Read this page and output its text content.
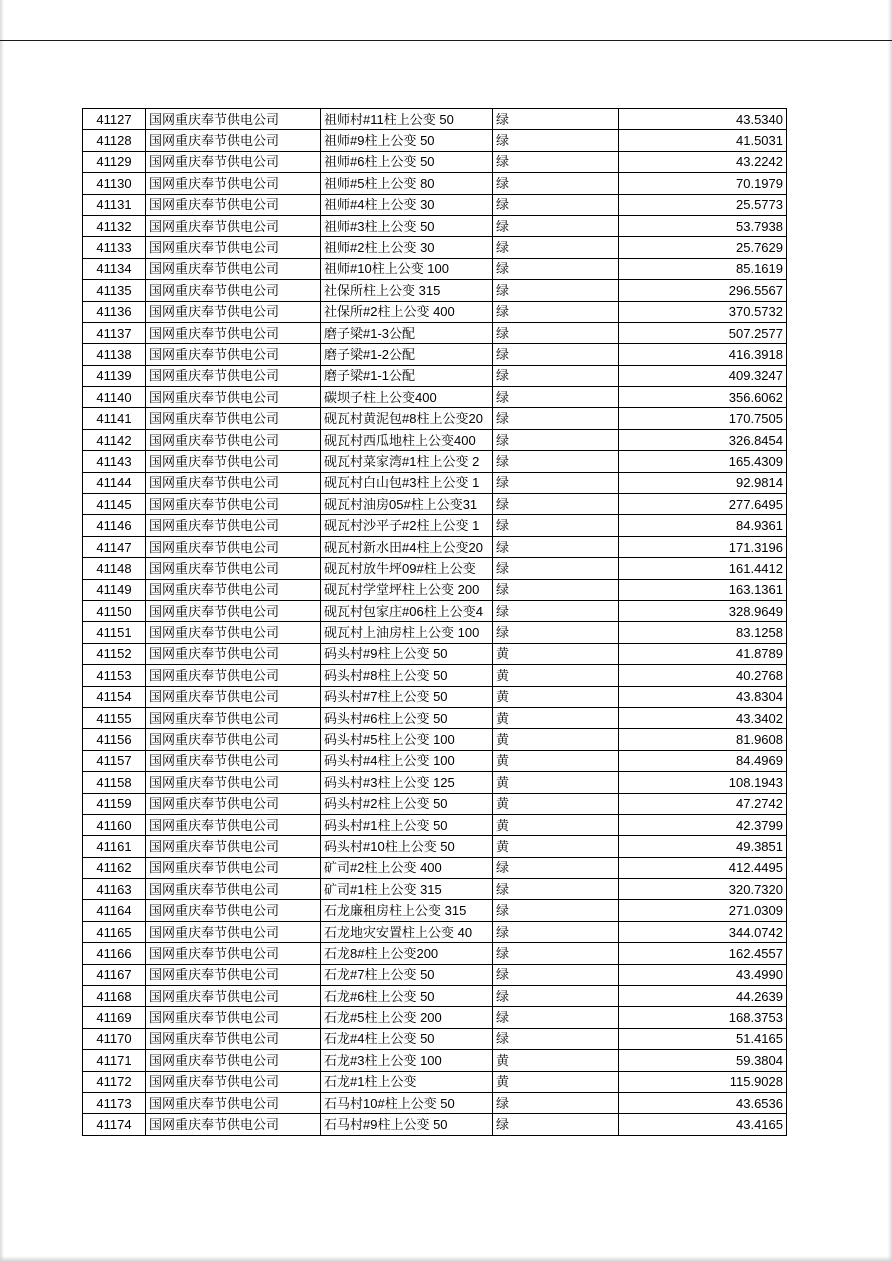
41127	国网重庆奉节供电公司	祖师村#11柱上公变 50	绿	43.5340
41128	国网重庆奉节供电公司	祖师#9柱上公变 50	绿	41.5031
41129	国网重庆奉节供电公司	祖师#6柱上公变 50	绿	43.2242
41130	国网重庆奉节供电公司	祖师#5柱上公变 80	绿	70.1979
41131	国网重庆奉节供电公司	祖师#4柱上公变 30	绿	25.5773
41132	国网重庆奉节供电公司	祖师#3柱上公变 50	绿	53.7938
41133	国网重庆奉节供电公司	祖师#2柱上公变 30	绿	25.7629
41134	国网重庆奉节供电公司	祖师#10柱上公变 100	绿	85.1619
41135	国网重庆奉节供电公司	社保所柱上公变 315	绿	296.5567
41136	国网重庆奉节供电公司	社保所#2柱上公变 400	绿	370.5732
41137	国网重庆奉节供电公司	磨子梁#1-3公配	绿	507.2577
41138	国网重庆奉节供电公司	磨子梁#1-2公配	绿	416.3918
41139	国网重庆奉节供电公司	磨子梁#1-1公配	绿	409.3247
41140	国网重庆奉节供电公司	碳坝子柱上公变400	绿	356.6062
41141	国网重庆奉节供电公司	砚瓦村黄泥包#8柱上公变20	绿	170.7505
41142	国网重庆奉节供电公司	砚瓦村西瓜地柱上公变400	绿	326.8454
41143	国网重庆奉节供电公司	砚瓦村菜家湾#1柱上公变 2	绿	165.4309
41144	国网重庆奉节供电公司	砚瓦村白山包#3柱上公变 1	绿	92.9814
41145	国网重庆奉节供电公司	砚瓦村油房05#柱上公变31	绿	277.6495
41146	国网重庆奉节供电公司	砚瓦村沙平子#2柱上公变 1	绿	84.9361
41147	国网重庆奉节供电公司	砚瓦村新水田#4柱上公变20	绿	171.3196
41148	国网重庆奉节供电公司	砚瓦村放牛坪09#柱上公变	绿	161.4412
41149	国网重庆奉节供电公司	砚瓦村学堂坪柱上公变 200	绿	163.1361
41150	国网重庆奉节供电公司	砚瓦村包家庄#06柱上公变4	绿	328.9649
41151	国网重庆奉节供电公司	砚瓦村上油房柱上公变 100	绿	83.1258
41152	国网重庆奉节供电公司	码头村#9柱上公变 50	黄	41.8789
41153	国网重庆奉节供电公司	码头村#8柱上公变 50	黄	40.2768
41154	国网重庆奉节供电公司	码头村#7柱上公变 50	黄	43.8304
41155	国网重庆奉节供电公司	码头村#6柱上公变 50	黄	43.3402
41156	国网重庆奉节供电公司	码头村#5柱上公变 100	黄	81.9608
41157	国网重庆奉节供电公司	码头村#4柱上公变 100	黄	84.4969
41158	国网重庆奉节供电公司	码头村#3柱上公变 125	黄	108.1943
41159	国网重庆奉节供电公司	码头村#2柱上公变 50	黄	47.2742
41160	国网重庆奉节供电公司	码头村#1柱上公变 50	黄	42.3799
41161	国网重庆奉节供电公司	码头村#10柱上公变 50	黄	49.3851
41162	国网重庆奉节供电公司	矿司#2柱上公变 400	绿	412.4495
41163	国网重庆奉节供电公司	矿司#1柱上公变 315	绿	320.7320
41164	国网重庆奉节供电公司	石龙廉租房柱上公变 315	绿	271.0309
41165	国网重庆奉节供电公司	石龙地灾安置柱上公变 40	绿	344.0742
41166	国网重庆奉节供电公司	石龙8#柱上公变200	绿	162.4557
41167	国网重庆奉节供电公司	石龙#7柱上公变 50	绿	43.4990
41168	国网重庆奉节供电公司	石龙#6柱上公变 50	绿	44.2639
41169	国网重庆奉节供电公司	石龙#5柱上公变 200	绿	168.3753
41170	国网重庆奉节供电公司	石龙#4柱上公变 50	绿	51.4165
41171	国网重庆奉节供电公司	石龙#3柱上公变 100	黄	59.3804
41172	国网重庆奉节供电公司	石龙#1柱上公变	黄	115.9028
41173	国网重庆奉节供电公司	石马村10#柱上公变 50	绿	43.6536
41174	国网重庆奉节供电公司	石马村#9柱上公变 50	绿	43.4165
